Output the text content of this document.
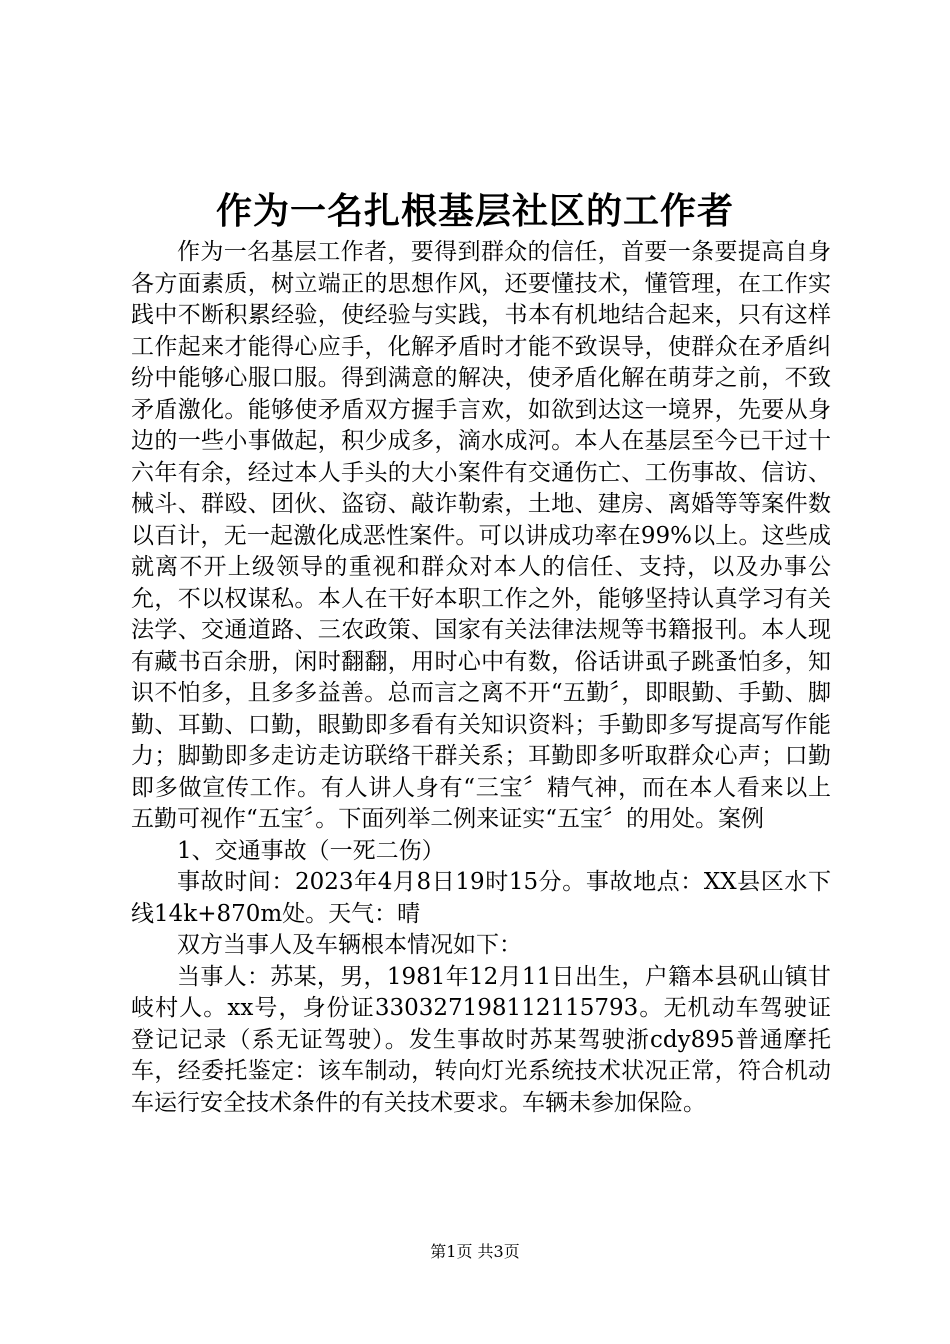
作为一名扎根基层社区的工作者

作为一名基层工作者，要得到群众的信任，首要一条要提高自身各方面素质，树立端正的思想作风，还要懂技术，懂管理，在工作实践中不断积累经验，使经验与实践，书本有机地结合起来，只有这样工作起来才能得心应手，化解矛盾时才能不致误导，使群众在矛盾纠纷中能够心服口服。得到满意的解决，使矛盾化解在萌芽之前，不致矛盾激化。能够使矛盾双方握手言欢，如欲到达这一境界，先要从身边的一些小事做起，积少成多，滴水成河。本人在基层至今已干过十六年有余，经过本人手头的大小案件有交通伤亡、工伤事故、信访、械斗、群殴、团伙、盗窃、敲诈勒索，土地、建房、离婚等等案件数以百计，无一起激化成恶性案件。可以讲成功率在99%以上。这些成就离不开上级领导的重视和群众对本人的信任、支持，以及办事公允，不以权谋私。本人在干好本职工作之外，能够坚持认真学习有关法学、交通道路、三农政策、国家有关法律法规等书籍报刊。本人现有藏书百余册，闲时翻翻，用时心中有数，俗话讲虱子跳蚤怕多，知识不怕多，且多多益善。总而言之离不开“五勤〞，即眼勤、手勤、脚勤、耳勤、口勤，眼勤即多看有关知识资料；手勤即多写提高写作能力；脚勤即多走访走访联络干群关系；耳勤即多听取群众心声；口勤即多做宣传工作。有人讲人身有“三宝〞精气神，而在本人看来以上五勤可视作“五宝〞。下面列举二例来证实“五宝〞的用处。案例

1、交通事故（一死二伤）

事故时间：2023年4月8日19时15分。事故地点：XX县区水下线14k+870m处。天气：晴

双方当事人及车辆根本情况如下：

当事人：苏某，男，1981年12月11日出生，户籍本县矾山镇甘岐村人。xx号，身份证330327198112115793。无机动车驾驶证登记记录（系无证驾驶）。发生事故时苏某驾驶浙cdy895普通摩托车，经委托鉴定：该车制动，转向灯光系统技术状况正常，符合机动车运行安全技术条件的有关技术要求。车辆未参加保险。

第1页 共3页
